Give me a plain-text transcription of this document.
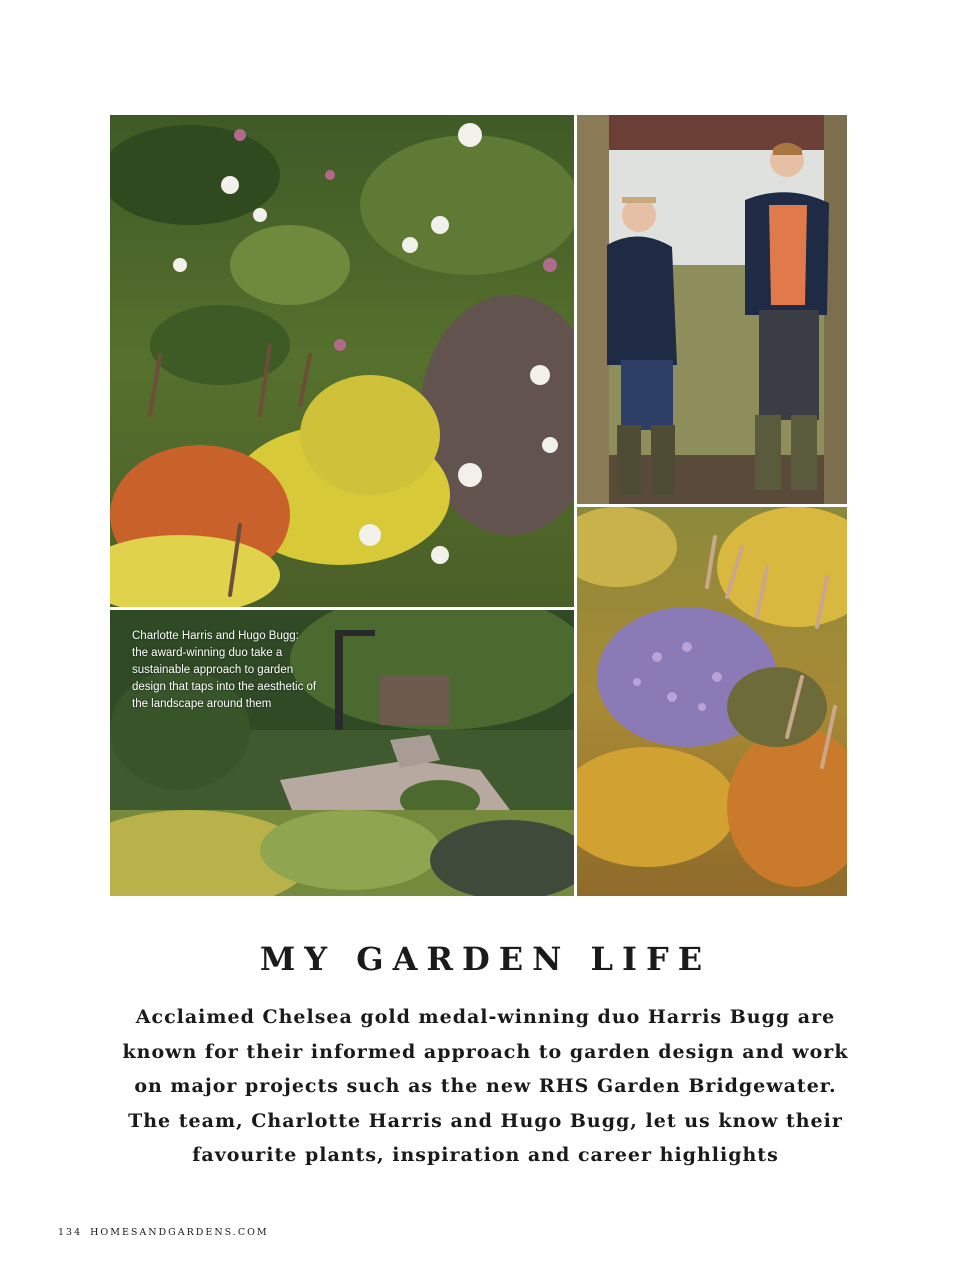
Charlotte Harris and Hugo Bugg: the award-winning duo take a sustainable approach to garden design that taps into the aesthetic of the landscape around them

MY GARDEN LIFE

Acclaimed Chelsea gold medal-winning duo Harris Bugg are known for their informed approach to garden design and work on major projects such as the new RHS Garden Bridgewater. The team, Charlotte Harris and Hugo Bugg, let us know their favourite plants, inspiration and career highlights

134 HOMESANDGARDENS.COM
